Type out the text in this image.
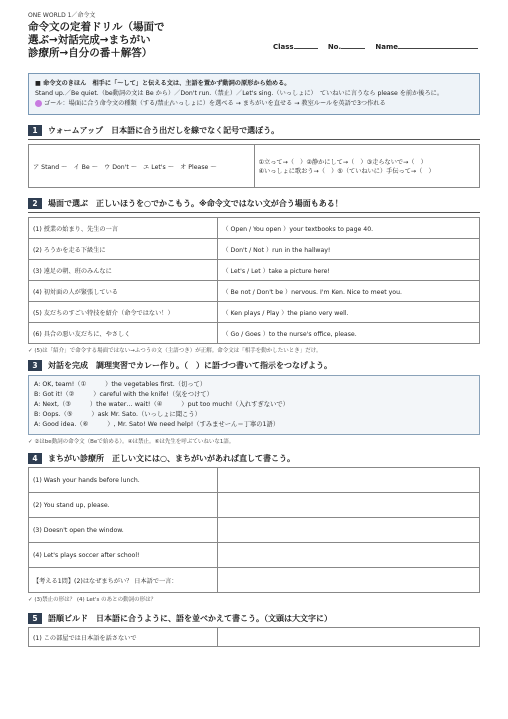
ONE WORLD 1／命令文
命令文の定着ドリル（場面で
選ぶ→対話完成→まちがい
診療所→自分の番＋解答）	Class	No.	Name
■ 命令文のきほん　相手に「～して」と伝える文は、主語を置かず動詞の原形から始める。
Stand up.／Be quiet.（be動詞の文は Be から）／Don't run.（禁止）／Let's sing.（いっしょに）　ていねいに言うなら please を前か後ろに。
ゴール：場面に合う命令文の種類（する/禁止/いっしょに）を選べる → まちがいを直せる → 教室ルールを英語で3つ作れる
1	ウォームアップ　日本語に合う出だしを線でなく記号で選ぼう。
ア Stand ～　イ Be ～　ウ Don't ～　エ Let's ～　オ Please ～	
①立って→（　）②静かにして→（　）③走らないで→（　）
④いっしょに歌おう→（　）⑤（ていねいに）手伝って→（　）
2	場面で選ぶ　正しいほうを○でかこもう。※命令文ではない文が合う場面もある！
(1) 授業の始まり、先生の一言	（ Open / You open ）your textbooks to page 40.
(2) ろうかを走る下級生に	（ Don't / Not ）run in the hallway!
(3) 遠足の朝、班のみんなに	（ Let's / Let ）take a picture here!
(4) 初対面の人が緊張している	（ Be not / Don't be ）nervous. I'm Ken. Nice to meet you.
(5) 友だちのすごい特技を紹介（命令ではない！）	（ Ken plays / Play ）the piano very well.
(6) 具合の悪い友だちに、やさしく	（ Go / Goes ）to the nurse's office, please.
✓ (5)は「紹介」で命令する場面ではない→ふつうの文（主語つき）が正解。命令文は「相手を動かしたいとき」だけ。
3	対話を完成　調理実習でカレー作り。（　）に語づつ書いて指示をつなげよう。
A: OK, team!（①　　　）the vegetables first.（切って）
B: Got it!（②　　　）careful with the knife!（気をつけて）
A: Next,（③　　　）the water… wait!（④　　　）put too much!（入れすぎないで）
B: Oops.（⑤　　　）ask Mr. Sato.（いっしょに聞こう）
A: Good idea.（⑥　　　）, Mr. Sato! We need help!（すみませーん＝丁寧の1語）
✓ ②はbe動詞の命令文（Beで始める）。④は禁止。⑥は先生を呼ぶていねいな1語。
4	まちがい診療所　正しい文には○、まちがいがあれば直して書こう。
(1) Wash your hands before lunch.	
(2) You stand up, please.	
(3) Doesn't open the window.	
(4) Let's plays soccer after school!	
【考える1問】(2)はなぜまちがい？ 日本語で一言：	
✓ (3)禁止の形は？ (4) Let's のあとの動詞の形は？
5	語順ビルド　日本語に合うように、語を並べかえて書こう。（文頭は大文字に）
(1) この部屋では日本語を話さないで	
